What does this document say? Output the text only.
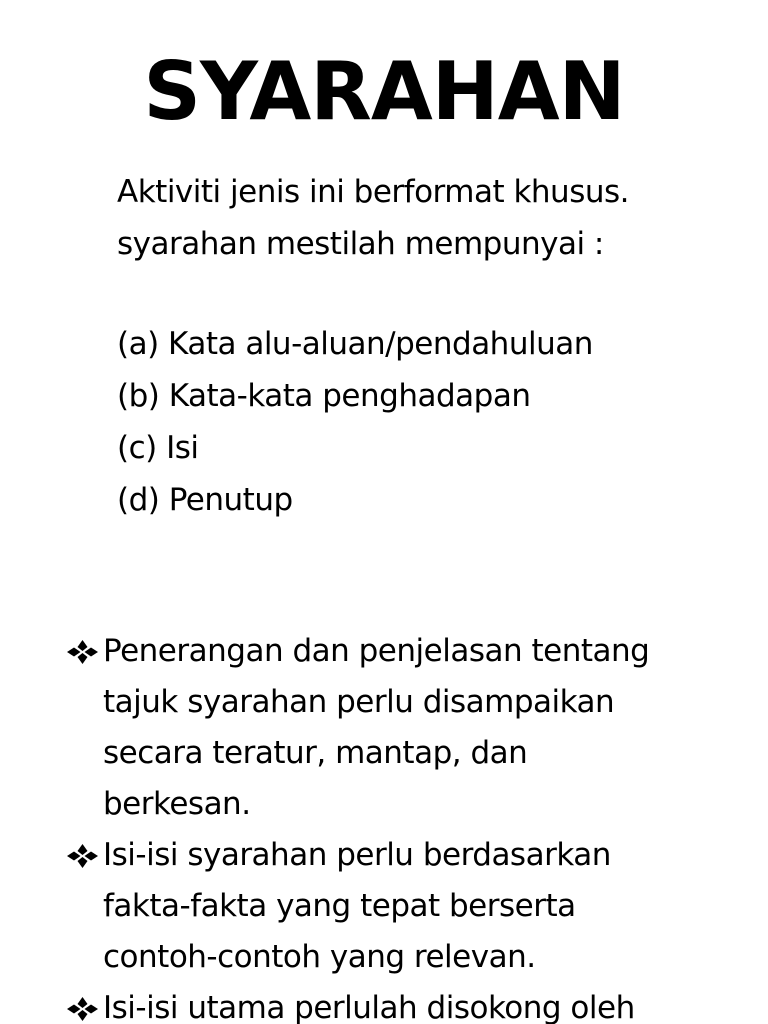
SYARAHAN
Aktiviti jenis ini berformat khusus.
syarahan mestilah mempunyai :
(a) Kata alu-aluan/pendahuluan
(b) Kata-kata penghadapan
(c) Isi
(d) Penutup
Penerangan dan penjelasan tentang
tajuk syarahan perlu disampaikan
secara teratur, mantap, dan
berkesan.
Isi-isi syarahan perlu berdasarkan
fakta-fakta yang tepat berserta
contoh-contoh yang relevan.
Isi-isi utama perlulah disokong oleh
